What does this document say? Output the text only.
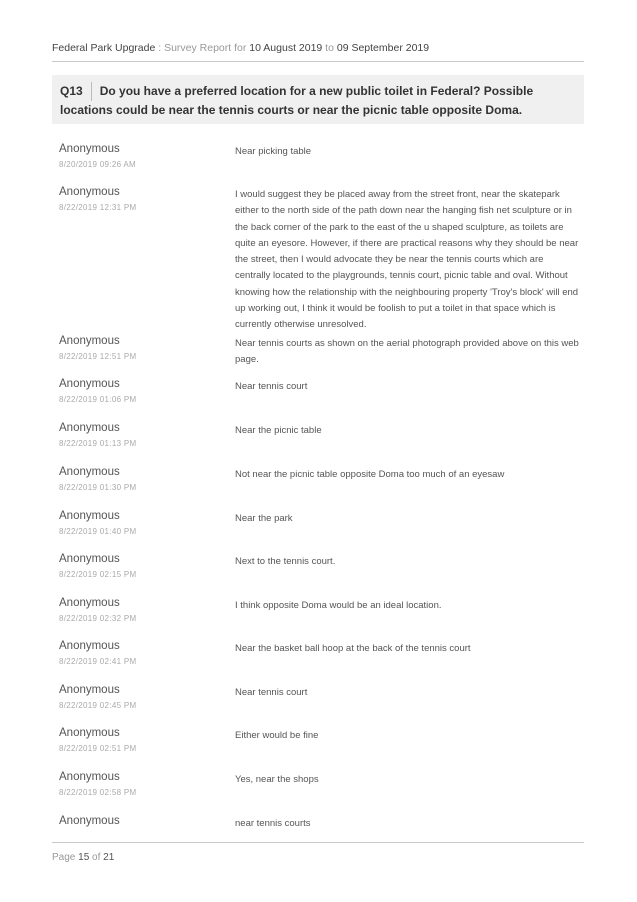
Federal Park Upgrade : Survey Report for 10 August 2019 to 09 September 2019
Q13 Do you have a preferred location for a new public toilet in Federal? Possible locations could be near the tennis courts or near the picnic table opposite Doma.
Anonymous
8/20/2019 09:26 AM
Near picking table
Anonymous
8/22/2019 12:31 PM
I would suggest they be placed away from the street front, near the skatepark either to the north side of the path down near the hanging fish net sculpture or in the back corner of the park to the east of the u shaped sculpture, as toilets are quite an eyesore. However, if there are practical reasons why they should be near the street, then I would advocate they be near the tennis courts which are centrally located to the playgrounds, tennis court, picnic table and oval. Without knowing how the relationship with the neighbouring property 'Troy's block' will end up working out, I think it would be foolish to put a toilet in that space which is currently otherwise unresolved.
Anonymous
8/22/2019 12:51 PM
Near tennis courts as shown on the aerial photograph provided above on this web page.
Anonymous
8/22/2019 01:06 PM
Near tennis court
Anonymous
8/22/2019 01:13 PM
Near the picnic table
Anonymous
8/22/2019 01:30 PM
Not near the picnic table opposite Doma too much of an eyesaw
Anonymous
8/22/2019 01:40 PM
Near the park
Anonymous
8/22/2019 02:15 PM
Next to the tennis court.
Anonymous
8/22/2019 02:32 PM
I think opposite Doma would be an ideal location.
Anonymous
8/22/2019 02:41 PM
Near the basket ball hoop at the back of the tennis court
Anonymous
8/22/2019 02:45 PM
Near tennis court
Anonymous
8/22/2019 02:51 PM
Either would be fine
Anonymous
8/22/2019 02:58 PM
Yes, near the shops
Anonymous	near tennis courts
Page 15 of 21
